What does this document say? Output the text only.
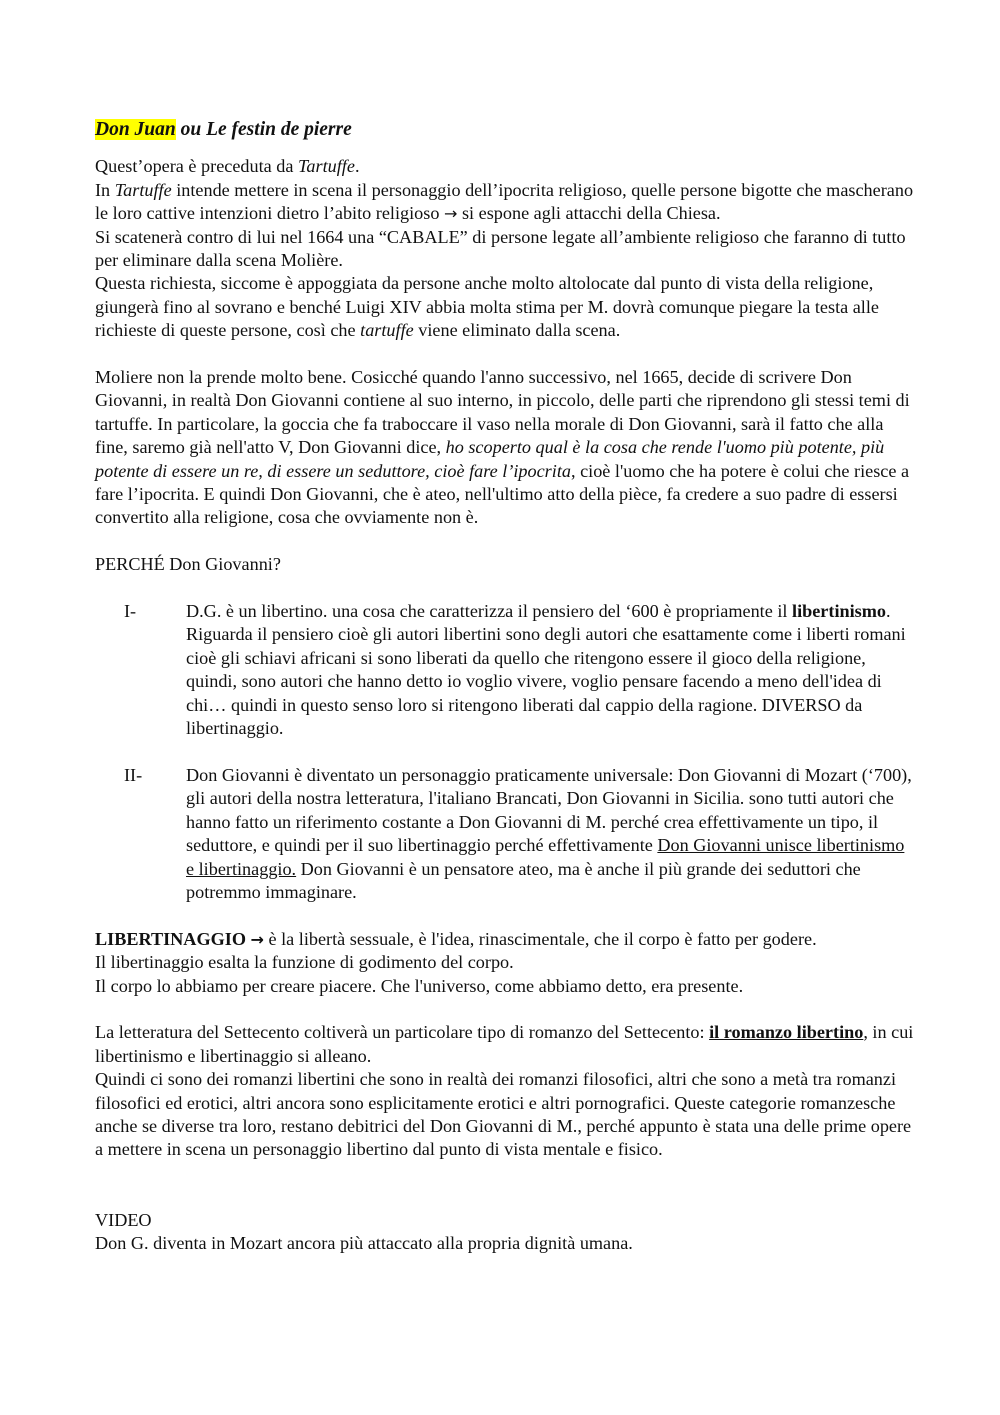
Don Juan ou Le festin de pierre

Quest’opera è preceduta da Tartuffe.

In Tartuffe intende mettere in scena il personaggio dell’ipocrita religioso, quelle persone bigotte che mascherano le loro cattive intenzioni dietro l’abito religioso → si espone agli attacchi della Chiesa.

Si scatenerà contro di lui nel 1664 una “CABALE” di persone legate all’ambiente religioso che faranno di tutto per eliminare dalla scena Molière.

Questa richiesta, siccome è appoggiata da persone anche molto altolocate dal punto di vista della religione, giungerà fino al sovrano e benché Luigi XIV abbia molta stima per M. dovrà comunque piegare la testa alle richieste di queste persone, così che tartuffe viene eliminato dalla scena.

Moliere non la prende molto bene. Cosicché quando l'anno successivo, nel 1665, decide di scrivere Don Giovanni, in realtà Don Giovanni contiene al suo interno, in piccolo, delle parti che riprendono gli stessi temi di tartuffe. In particolare, la goccia che fa traboccare il vaso nella morale di Don Giovanni, sarà il fatto che alla fine, saremo già nell'atto V, Don Giovanni dice, ho scoperto qual è la cosa che rende l'uomo più potente, più potente di essere un re, di essere un seduttore, cioè fare l’ipocrita, cioè l'uomo che ha potere è colui che riesce a fare l’ipocrita. E quindi Don Giovanni, che è ateo, nell'ultimo atto della pièce, fa credere a suo padre di essersi convertito alla religione, cosa che ovviamente non è.

PERCHÉ Don Giovanni?

I-	D.G. è un libertino. una cosa che caratterizza il pensiero del ‘600 è propriamente il libertinismo. Riguarda il pensiero cioè gli autori libertini sono degli autori che esattamente come i liberti romani cioè gli schiavi africani si sono liberati da quello che ritengono essere il gioco della religione, quindi, sono autori che hanno detto io voglio vivere, voglio pensare facendo a meno dell'idea di chi… quindi in questo senso loro si ritengono liberati dal cappio della ragione. DIVERSO da libertinaggio.
II-	Don Giovanni è diventato un personaggio praticamente universale: Don Giovanni di Mozart (‘700), gli autori della nostra letteratura, l'italiano Brancati, Don Giovanni in Sicilia. sono tutti autori che hanno fatto un riferimento costante a Don Giovanni di M. perché crea effettivamente un tipo, il seduttore, e quindi per il suo libertinaggio perché effettivamente Don Giovanni unisce libertinismo e libertinaggio. Don Giovanni è un pensatore ateo, ma è anche il più grande dei seduttori che potremmo immaginare.

LIBERTINAGGIO → è la libertà sessuale, è l'idea, rinascimentale, che il corpo è fatto per godere.

Il libertinaggio esalta la funzione di godimento del corpo.

Il corpo lo abbiamo per creare piacere. Che l'universo, come abbiamo detto, era presente.

La letteratura del Settecento coltiverà un particolare tipo di romanzo del Settecento: il romanzo libertino, in cui libertinismo e libertinaggio si alleano.

Quindi ci sono dei romanzi libertini che sono in realtà dei romanzi filosofici, altri che sono a metà tra romanzi filosofici ed erotici, altri ancora sono esplicitamente erotici e altri pornografici. Queste categorie romanzesche anche se diverse tra loro, restano debitrici del Don Giovanni di M., perché appunto è stata una delle prime opere a mettere in scena un personaggio libertino dal punto di vista mentale e fisico.

VIDEO

Don G. diventa in Mozart ancora più attaccato alla propria dignità umana.
